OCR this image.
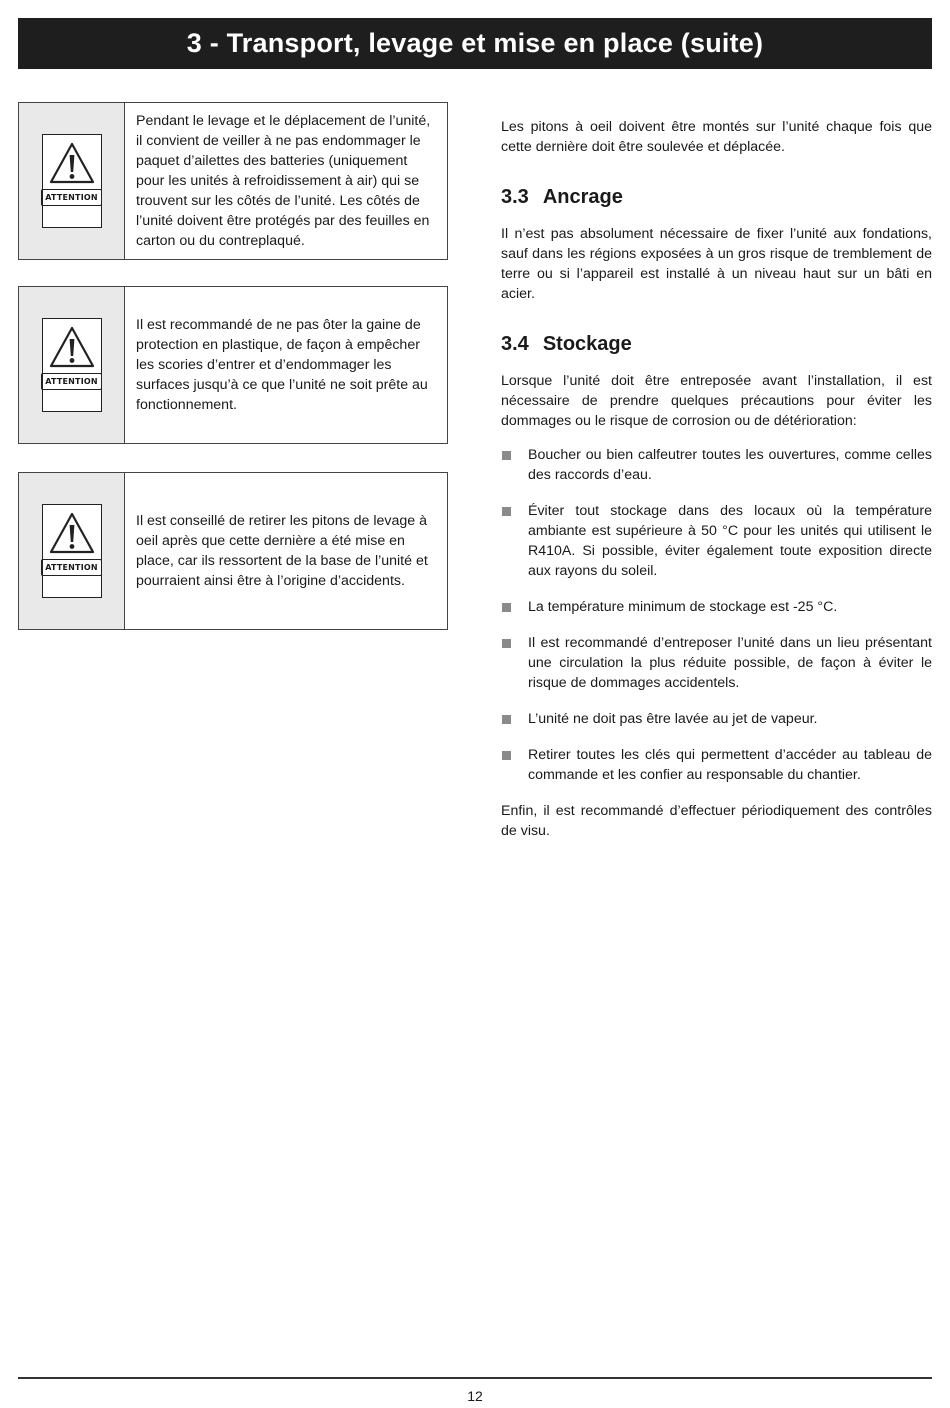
3 - Transport, levage et mise en place (suite)
ATTENTION
Pendant le levage et le déplacement de l’unité, il convient de veiller à ne pas endommager le paquet d’ailettes des batteries (uniquement pour les unités à refroidissement à air) qui se trouvent sur les côtés de l’unité. Les côtés de l’unité doivent être protégés par des feuilles en carton ou du contreplaqué.
ATTENTION
Il est recommandé de ne pas ôter la gaine de protection en plastique, de façon à empêcher les scories d’entrer et d’endommager les surfaces jusqu’à ce que l’unité ne soit prête au fonctionnement.
ATTENTION
Il est conseillé de retirer les pitons de levage à oeil après que cette dernière a été mise en place, car ils ressortent de la base de l’unité et pourraient ainsi être à l’origine d’accidents.

Les pitons à oeil doivent être montés sur l’unité chaque fois que cette dernière doit être soulevée et déplacée.

3.3 Ancrage

Il n’est pas absolument nécessaire de fixer l’unité aux fondations, sauf dans les régions exposées à un gros risque de tremblement de terre ou si l’appareil est installé à un niveau haut sur un bâti en acier.

3.4 Stockage

Lorsque l’unité doit être entreposée avant l’installation, il est nécessaire de prendre quelques précautions pour éviter les dommages ou le risque de corrosion ou de détérioration:

Boucher ou bien calfeutrer toutes les ouvertures, comme celles des raccords d’eau.
Éviter tout stockage dans des locaux où la température ambiante est supérieure à 50 °C pour les unités qui utilisent le R410A. Si possible, éviter également toute exposition directe aux rayons du soleil.
La température minimum de stockage est -25 °C.
Il est recommandé d’entreposer l’unité dans un lieu présentant une circulation la plus réduite possible, de façon à éviter le risque de dommages accidentels.
L’unité ne doit pas être lavée au jet de vapeur.
Retirer toutes les clés qui permettent d’accéder au tableau de commande et les confier au responsable du chantier.

Enfin, il est recommandé d’effectuer périodiquement des contrôles de visu.

12
